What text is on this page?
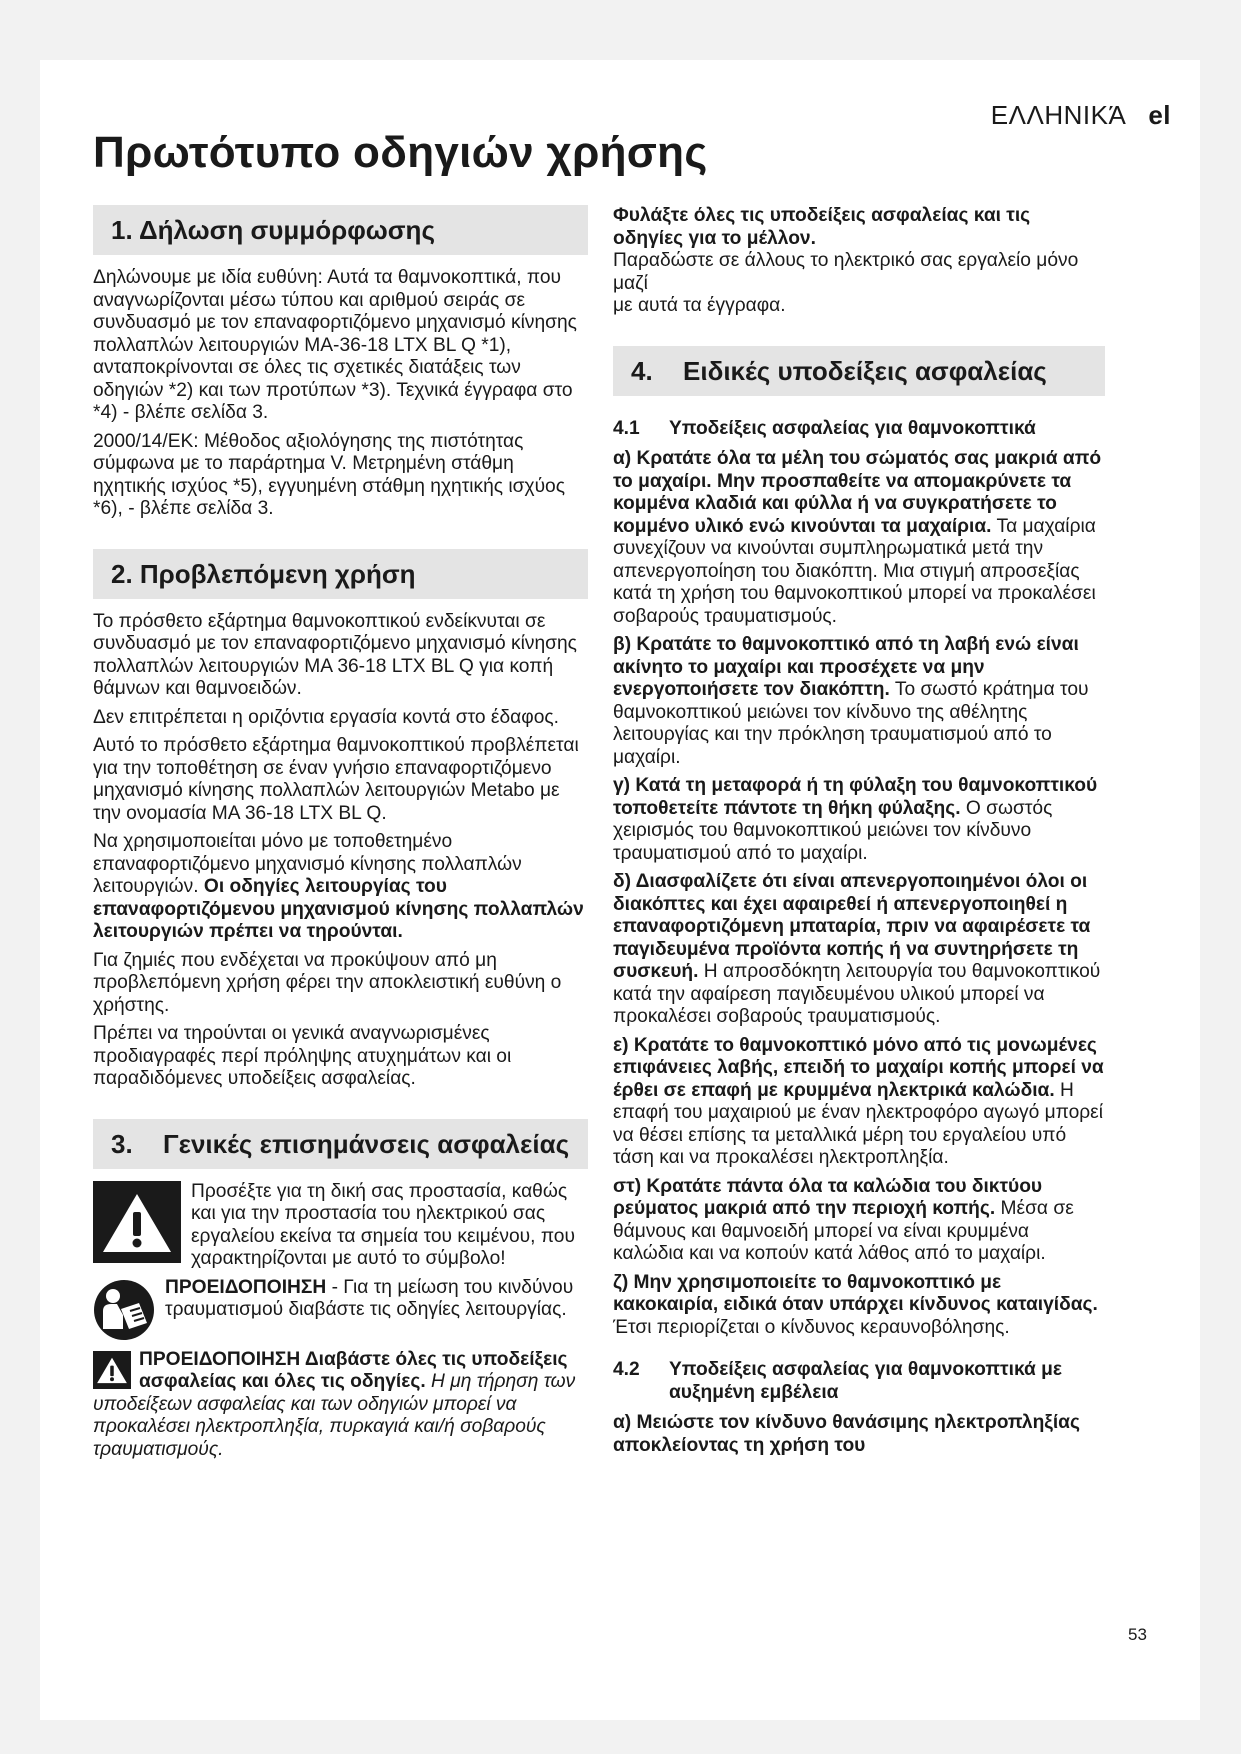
ΕΛΛΗΝΙΚΆ el
Πρωτότυπο οδηγιών χρήσης
1. Δήλωση συμμόρφωσης

Δηλώνουμε με ιδία ευθύνη: Αυτά τα θαμνοκοπτικά, που αναγνωρίζονται μέσω τύπου και αριθμού σειράς σε συνδυασμό με τον επαναφορτιζόμενο μηχανισμό κίνησης πολλαπλών λειτουργιών MA-36-18 LTX BL Q *1), ανταποκρίνονται σε όλες τις σχετικές διατάξεις των οδηγιών *2) και των προτύπων *3). Τεχνικά έγγραφα στο *4) - βλέπε σελίδα 3.

2000/14/ΕΚ: Μέθοδος αξιολόγησης της πιστότητας σύμφωνα με το παράρτημα V. Μετρημένη στάθμη ηχητικής ισχύος *5), εγγυημένη στάθμη ηχητικής ισχύος *6), - βλέπε σελίδα 3.

2. Προβλεπόμενη χρήση

Το πρόσθετο εξάρτημα θαμνοκοπτικού ενδείκνυται σε συνδυασμό με τον επαναφορτιζόμενο μηχανισμό κίνησης πολλαπλών λειτουργιών MA 36-18 LTX BL Q για κοπή θάμνων και θαμνοειδών.

Δεν επιτρέπεται η οριζόντια εργασία κοντά στο έδαφος.

Αυτό το πρόσθετο εξάρτημα θαμνοκοπτικού προβλέπεται για την τοποθέτηση σε έναν γνήσιο επαναφορτιζόμενο μηχανισμό κίνησης πολλαπλών λειτουργιών Metabo με την ονομασία MA 36-18 LTX BL Q.

Να χρησιμοποιείται μόνο με τοποθετημένο επαναφορτιζόμενο μηχανισμό κίνησης πολλαπλών λειτουργιών. Οι οδηγίες λειτουργίας του επαναφορτιζόμενου μηχανισμού κίνησης πολλαπλών λειτουργιών πρέπει να τηρούνται.

Για ζημιές που ενδέχεται να προκύψουν από μη προβλεπόμενη χρήση φέρει την αποκλειστική ευθύνη ο χρήστης.

Πρέπει να τηρούνται οι γενικά αναγνωρισμένες προδιαγραφές περί πρόληψης ατυχημάτων και οι παραδιδόμενες υποδείξεις ασφαλείας.

3.	Γενικές επισημάνσεις ασφαλείας
Προσέξτε για τη δική σας προστασία, καθώς και για την προστασία του ηλεκτρικού σας εργαλείου εκείνα τα σημεία του κειμένου, που χαρακτηρίζονται με αυτό το σύμβολο!
ΠΡΟΕΙΔΟΠΟΙΗΣΗ - Για τη μείωση του κινδύνου τραυματισμού διαβάστε τις οδηγίες λειτουργίας.
ΠΡΟΕΙΔΟΠΟΙΗΣΗ Διαβάστε όλες τις υποδείξεις ασφαλείας και όλες τις οδηγίες. Η μη τήρηση των υποδείξεων ασφαλείας και των οδηγιών μπορεί να προκαλέσει ηλεκτροπληξία, πυρκαγιά και/ή σοβαρούς τραυματισμούς.

Φυλάξτε όλες τις υποδείξεις ασφαλείας και τις οδηγίες για το μέλλον.
Παραδώστε σε άλλους το ηλεκτρικό σας εργαλείο μόνο μαζί
με αυτά τα έγγραφα.

4.	Ειδικές υποδείξεις ασφαλείας
4.1	Υποδείξεις ασφαλείας για θαμνοκοπτικά

α) Κρατάτε όλα τα μέλη του σώματός σας μακριά από το μαχαίρι. Μην προσπαθείτε να απομακρύνετε τα κομμένα κλαδιά και φύλλα ή να συγκρατήσετε το κομμένο υλικό ενώ κινούνται τα μαχαίρια. Τα μαχαίρια συνεχίζουν να κινούνται συμπληρωματικά μετά την απενεργοποίηση του διακόπτη. Μια στιγμή απροσεξίας κατά τη χρήση του θαμνοκοπτικού μπορεί να προκαλέσει σοβαρούς τραυματισμούς.

β) Κρατάτε το θαμνοκοπτικό από τη λαβή ενώ είναι ακίνητο το μαχαίρι και προσέχετε να μην ενεργοποιήσετε τον διακόπτη. Το σωστό κράτημα του θαμνοκοπτικού μειώνει τον κίνδυνο της αθέλητης λειτουργίας και την πρόκληση τραυματισμού από το μαχαίρι.

γ) Κατά τη μεταφορά ή τη φύλαξη του θαμνοκοπτικού τοποθετείτε πάντοτε τη θήκη φύλαξης. Ο σωστός χειρισμός του θαμνοκοπτικού μειώνει τον κίνδυνο τραυματισμού από το μαχαίρι.

δ) Διασφαλίζετε ότι είναι απενεργοποιημένοι όλοι οι διακόπτες και έχει αφαιρεθεί ή απενεργοποιηθεί η επαναφορτιζόμενη μπαταρία, πριν να αφαιρέσετε τα παγιδευμένα προϊόντα κοπής ή να συντηρήσετε τη συσκευή. Η απροσδόκητη λειτουργία του θαμνοκοπτικού κατά την αφαίρεση παγιδευμένου υλικού μπορεί να προκαλέσει σοβαρούς τραυματισμούς.

ε) Κρατάτε το θαμνοκοπτικό μόνο από τις μονωμένες επιφάνειες λαβής, επειδή το μαχαίρι κοπής μπορεί να έρθει σε επαφή με κρυμμένα ηλεκτρικά καλώδια. Η επαφή του μαχαιριού με έναν ηλεκτροφόρο αγωγό μπορεί να θέσει επίσης τα μεταλλικά μέρη του εργαλείου υπό τάση και να προκαλέσει ηλεκτροπληξία.

στ) Κρατάτε πάντα όλα τα καλώδια του δικτύου ρεύματος μακριά από την περιοχή κοπής. Μέσα σε θάμνους και θαμνοειδή μπορεί να είναι κρυμμένα καλώδια και να κοπούν κατά λάθος από το μαχαίρι.

ζ) Μην χρησιμοποιείτε το θαμνοκοπτικό με κακοκαιρία, ειδικά όταν υπάρχει κίνδυνος καταιγίδας. Έτσι περιορίζεται ο κίνδυνος κεραυνοβόλησης.

4.2	Υποδείξεις ασφαλείας για θαμνοκοπτικά με αυξημένη εμβέλεια

α) Μειώστε τον κίνδυνο θανάσιμης ηλεκτροπληξίας αποκλείοντας τη χρήση του

53
